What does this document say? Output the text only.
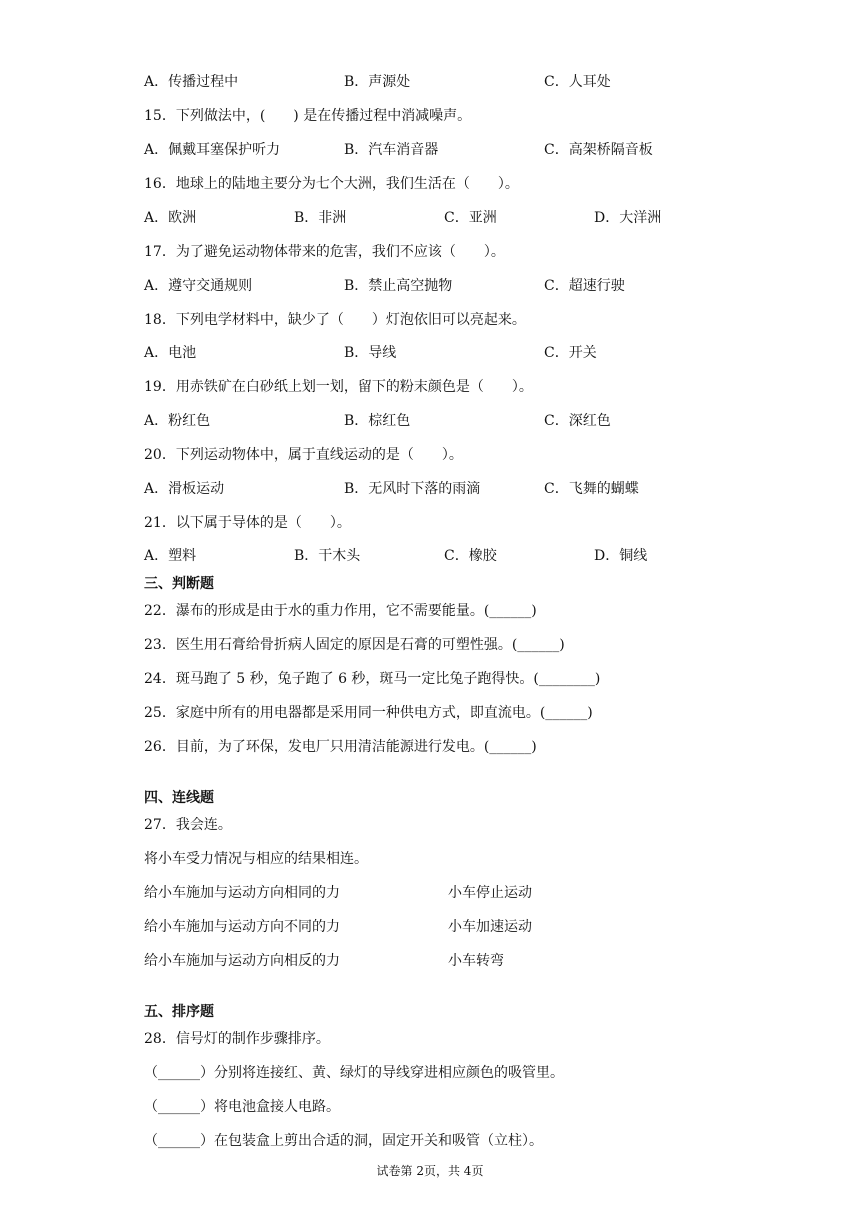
A．传播过程中	B．声源处	C．人耳处
15．下列做法中，(　　) 是在传播过程中消减噪声。
A．佩戴耳塞保护听力	B．汽车消音器	C．高架桥隔音板
16．地球上的陆地主要分为七个大洲，我们生活在（　　）。
A．欧洲	B．非洲	C．亚洲	D．大洋洲
17．为了避免运动物体带来的危害，我们不应该（　　）。
A．遵守交通规则	B．禁止高空抛物	C．超速行驶
18．下列电学材料中，缺少了（　　）灯泡依旧可以亮起来。
A．电池	B．导线	C．开关
19．用赤铁矿在白砂纸上划一划，留下的粉末颜色是（　　）。
A．粉红色	B．棕红色	C．深红色
20．下列运动物体中，属于直线运动的是（　　）。
A．滑板运动	B．无风时下落的雨滴	C．飞舞的蝴蝶
21．以下属于导体的是（　　）。
A．塑料	B．干木头	C．橡胶	D．铜线
三、判断题
22．瀑布的形成是由于水的重力作用，它不需要能量。(______)
23．医生用石膏给骨折病人固定的原因是石膏的可塑性强。(______)
24．斑马跑了 5 秒，兔子跑了 6 秒，斑马一定比兔子跑得快。(________)
25．家庭中所有的用电器都是采用同一种供电方式，即直流电。(______)
26．目前，为了环保，发电厂只用清洁能源进行发电。(______)
四、连线题
27．我会连。
将小车受力情况与相应的结果相连。
给小车施加与运动方向相同的力	小车停止运动
给小车施加与运动方向不同的力	小车加速运动
给小车施加与运动方向相反的力	小车转弯
五、排序题
28．信号灯的制作步骤排序。
（______）分别将连接红、黄、绿灯的导线穿进相应颜色的吸管里。
（______）将电池盒接人电路。
（______）在包装盒上剪出合适的洞，固定开关和吸管（立柱）。
试卷第 2页，共 4页
